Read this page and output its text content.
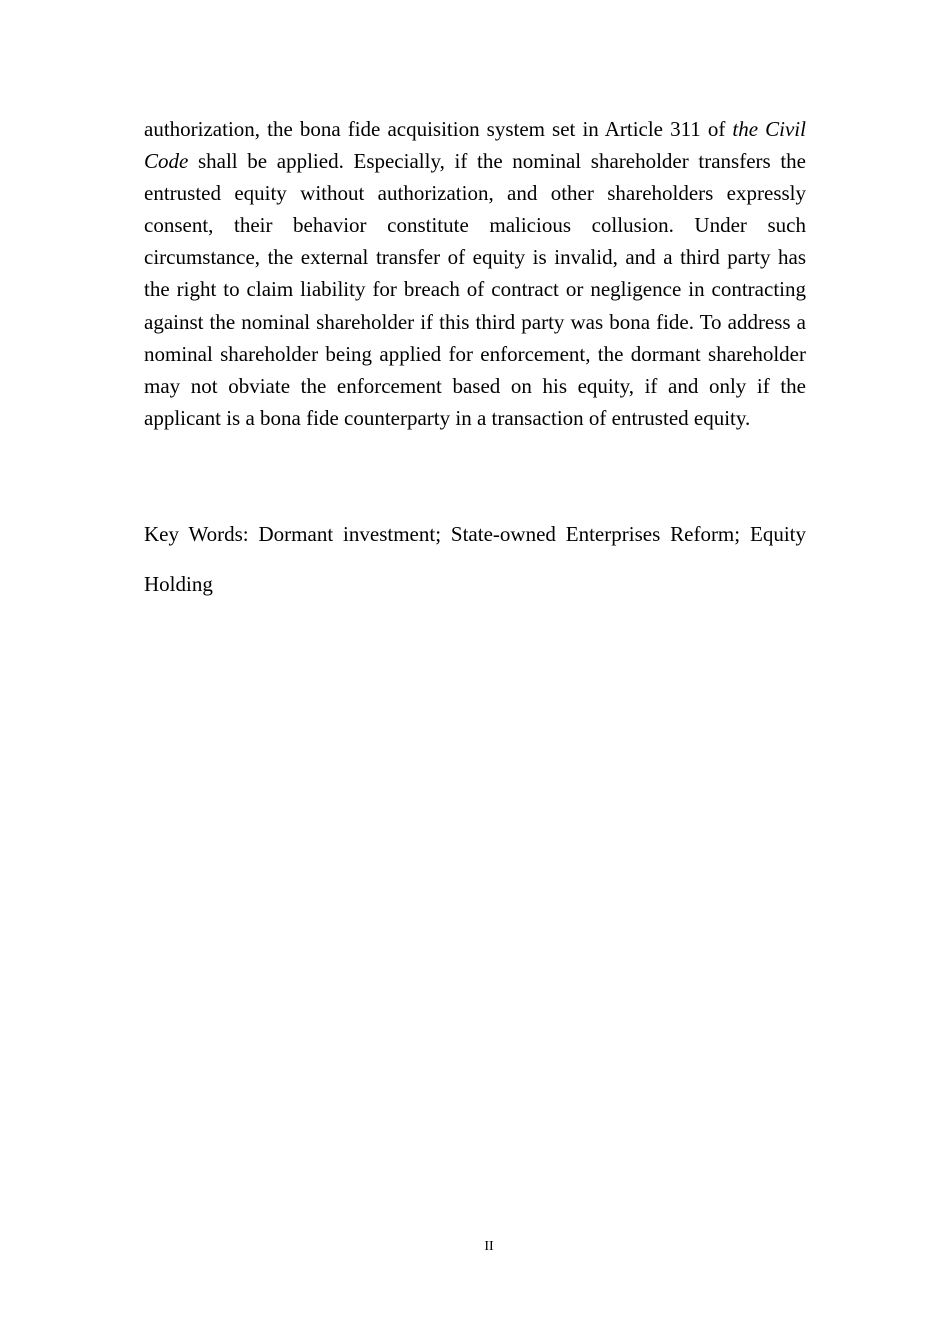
authorization, the bona fide acquisition system set in Article 311 of the Civil Code shall be applied. Especially, if the nominal shareholder transfers the entrusted equity without authorization, and other shareholders expressly consent, their behavior constitute malicious collusion. Under such circumstance, the external transfer of equity is invalid, and a third party has the right to claim liability for breach of contract or negligence in contracting against the nominal shareholder if this third party was bona fide. To address a nominal shareholder being applied for enforcement, the dormant shareholder may not obviate the enforcement based on his equity, if and only if the applicant is a bona fide counterparty in a transaction of entrusted equity.

Key Words: Dormant investment; State-owned Enterprises Reform; Equity Holding

II
